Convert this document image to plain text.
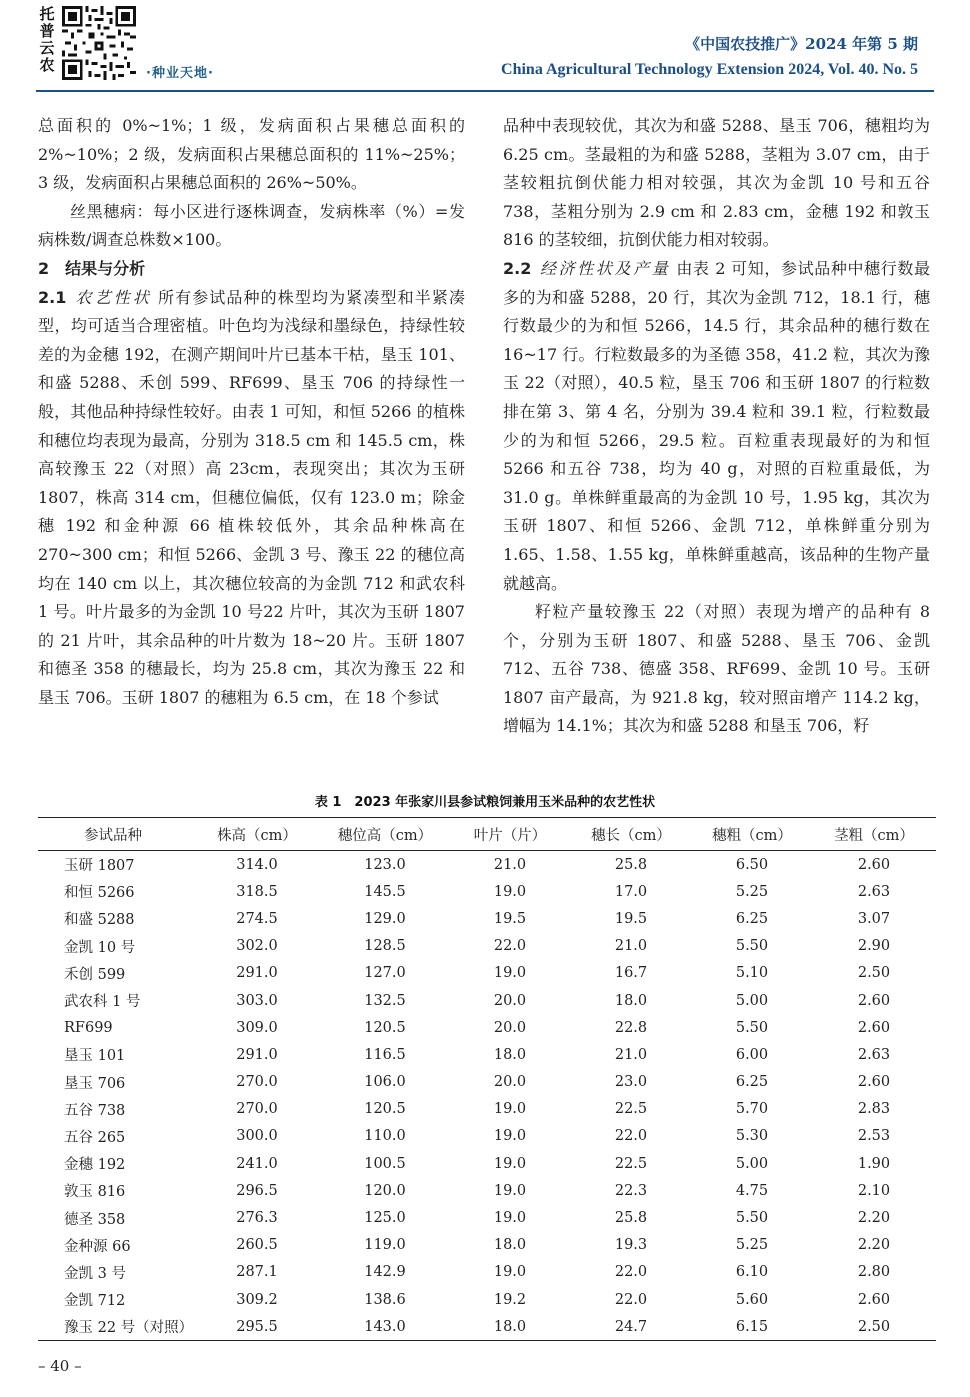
托
普
云
农	·种业天地·
《中国农技推广》2024 年第 5 期
China Agricultural Technology Extension 2024, Vol. 40. No. 5

总面积的 0%~1%；1 级，发病面积占果穗总面积的 2%~10%；2 级，发病面积占果穗总面积的 11%~25%；3 级，发病面积占果穗总面积的 26%~50%。

丝黑穗病：每小区进行逐株调查，发病株率（%）=发病株数/调查总株数×100。

2　结果与分析

2.1 农艺性状 所有参试品种的株型均为紧凑型和半紧凑型，均可适当合理密植。叶色均为浅绿和墨绿色，持绿性较差的为金穗 192，在测产期间叶片已基本干枯，垦玉 101、和盛 5288、禾创 599、RF699、垦玉 706 的持绿性一般，其他品种持绿性较好。由表 1 可知，和恒 5266 的植株和穗位均表现为最高，分别为 318.5 cm 和 145.5 cm，株高较豫玉 22（对照）高 23cm，表现突出；其次为玉研 1807，株高 314 cm，但穗位偏低，仅有 123.0 m；除金穗 192 和金种源 66 植株较低外，其余品种株高在 270~300 cm；和恒 5266、金凯 3 号、豫玉 22 的穗位高均在 140 cm 以上，其次穗位较高的为金凯 712 和武农科 1 号。叶片最多的为金凯 10 号22 片叶，其次为玉研 1807 的 21 片叶，其余品种的叶片数为 18~20 片。玉研 1807 和德圣 358 的穗最长，均为 25.8 cm，其次为豫玉 22 和垦玉 706。玉研 1807 的穗粗为 6.5 cm，在 18 个参试

品种中表现较优，其次为和盛 5288、垦玉 706，穗粗均为 6.25 cm。茎最粗的为和盛 5288，茎粗为 3.07 cm，由于茎较粗抗倒伏能力相对较强，其次为金凯 10 号和五谷 738，茎粗分别为 2.9 cm 和 2.83 cm，金穗 192 和敦玉 816 的茎较细，抗倒伏能力相对较弱。

2.2 经济性状及产量 由表 2 可知，参试品种中穗行数最多的为和盛 5288，20 行，其次为金凯 712，18.1 行，穗行数最少的为和恒 5266，14.5 行，其余品种的穗行数在 16~17 行。行粒数最多的为圣德 358，41.2 粒，其次为豫玉 22（对照），40.5 粒，垦玉 706 和玉研 1807 的行粒数排在第 3、第 4 名，分别为 39.4 粒和 39.1 粒，行粒数最少的为和恒 5266，29.5 粒。百粒重表现最好的为和恒 5266 和五谷 738，均为 40 g，对照的百粒重最低，为 31.0 g。单株鲜重最高的为金凯 10 号，1.95 kg，其次为玉研 1807、和恒 5266、金凯 712，单株鲜重分别为 1.65、1.58、1.55 kg，单株鲜重越高，该品种的生物产量就越高。

籽粒产量较豫玉 22（对照）表现为增产的品种有 8 个，分别为玉研 1807、和盛 5288、垦玉 706、金凯 712、五谷 738、德盛 358、RF699、金凯 10 号。玉研 1807 亩产最高，为 921.8 kg，较对照亩增产 114.2 kg，增幅为 14.1%；其次为和盛 5288 和垦玉 706，籽

表 1　2023 年张家川县参试粮饲兼用玉米品种的农艺性状
参试品种	株高（cm）	穗位高（cm）	叶片（片）	穗长（cm）	穗粗（cm）	茎粗（cm）
玉研 1807	314.0	123.0	21.0	25.8	6.50	2.60
和恒 5266	318.5	145.5	19.0	17.0	5.25	2.63
和盛 5288	274.5	129.0	19.5	19.5	6.25	3.07
金凯 10 号	302.0	128.5	22.0	21.0	5.50	2.90
禾创 599	291.0	127.0	19.0	16.7	5.10	2.50
武农科 1 号	303.0	132.5	20.0	18.0	5.00	2.60
RF699	309.0	120.5	20.0	22.8	5.50	2.60
垦玉 101	291.0	116.5	18.0	21.0	6.00	2.63
垦玉 706	270.0	106.0	20.0	23.0	6.25	2.60
五谷 738	270.0	120.5	19.0	22.5	5.70	2.83
五谷 265	300.0	110.0	19.0	22.0	5.30	2.53
金穗 192	241.0	100.5	19.0	22.5	5.00	1.90
敦玉 816	296.5	120.0	19.0	22.3	4.75	2.10
德圣 358	276.3	125.0	19.0	25.8	5.50	2.20
金种源 66	260.5	119.0	18.0	19.3	5.25	2.20
金凯 3 号	287.1	142.9	19.0	22.0	6.10	2.80
金凯 712	309.2	138.6	19.2	22.0	5.60	2.60
豫玉 22 号（对照）	295.5	143.0	18.0	24.7	6.15	2.50
– 40 –
